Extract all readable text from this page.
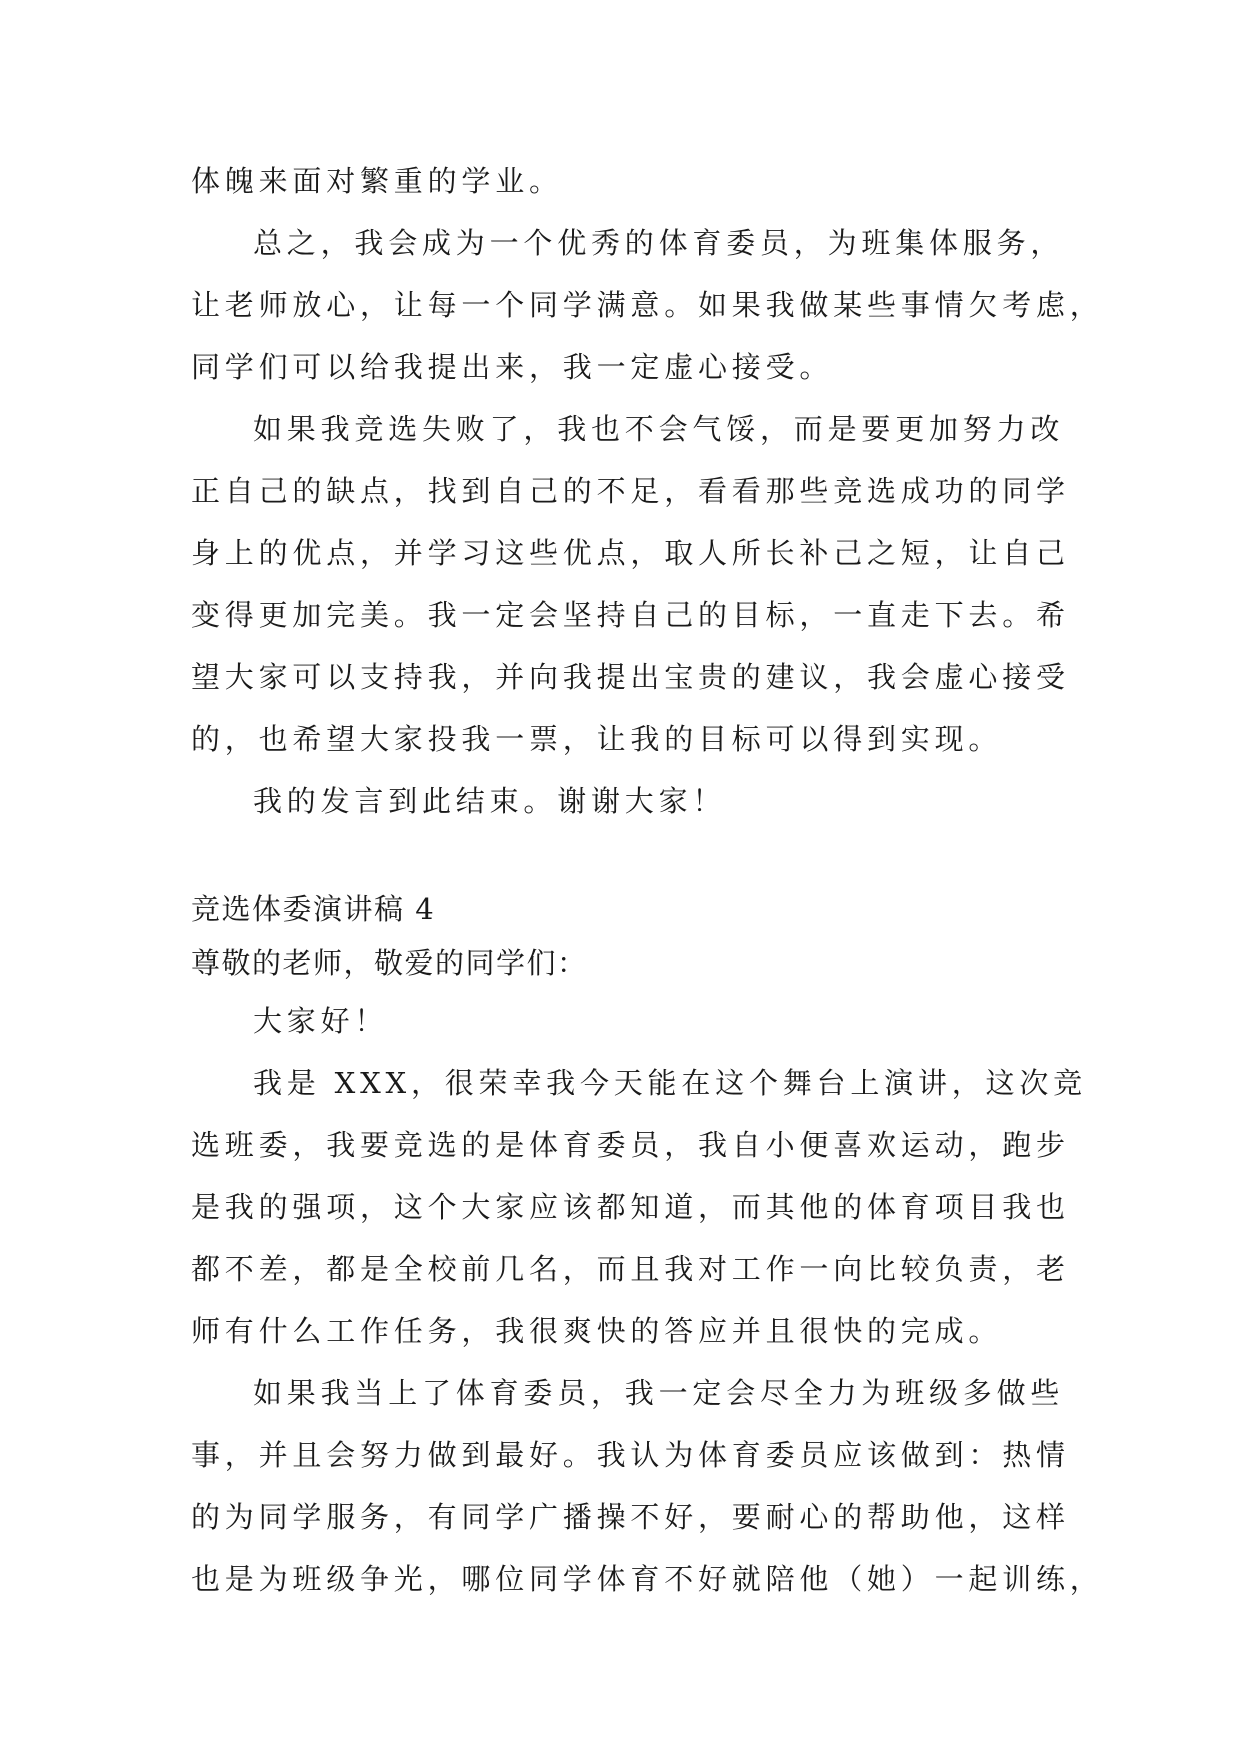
体魄来面对繁重的学业。
总之，我会成为一个优秀的体育委员，为班集体服务，
让老师放心，让每一个同学满意。如果我做某些事情欠考虑，
同学们可以给我提出来，我一定虚心接受。
如果我竞选失败了，我也不会气馁，而是要更加努力改
正自己的缺点，找到自己的不足，看看那些竞选成功的同学
身上的优点，并学习这些优点，取人所长补己之短，让自己
变得更加完美。我一定会坚持自己的目标，一直走下去。希
望大家可以支持我，并向我提出宝贵的建议，我会虚心接受
的，也希望大家投我一票，让我的目标可以得到实现。
我的发言到此结束。谢谢大家！
竞选体委演讲稿 4
尊敬的老师，敬爱的同学们：
大家好！
我是 XXX，很荣幸我今天能在这个舞台上演讲，这次竞
选班委，我要竞选的是体育委员，我自小便喜欢运动，跑步
是我的强项，这个大家应该都知道，而其他的体育项目我也
都不差，都是全校前几名，而且我对工作一向比较负责，老
师有什么工作任务，我很爽快的答应并且很快的完成。
如果我当上了体育委员，我一定会尽全力为班级多做些
事，并且会努力做到最好。我认为体育委员应该做到：热情
的为同学服务，有同学广播操不好，要耐心的帮助他，这样
也是为班级争光，哪位同学体育不好就陪他（她）一起训练，
